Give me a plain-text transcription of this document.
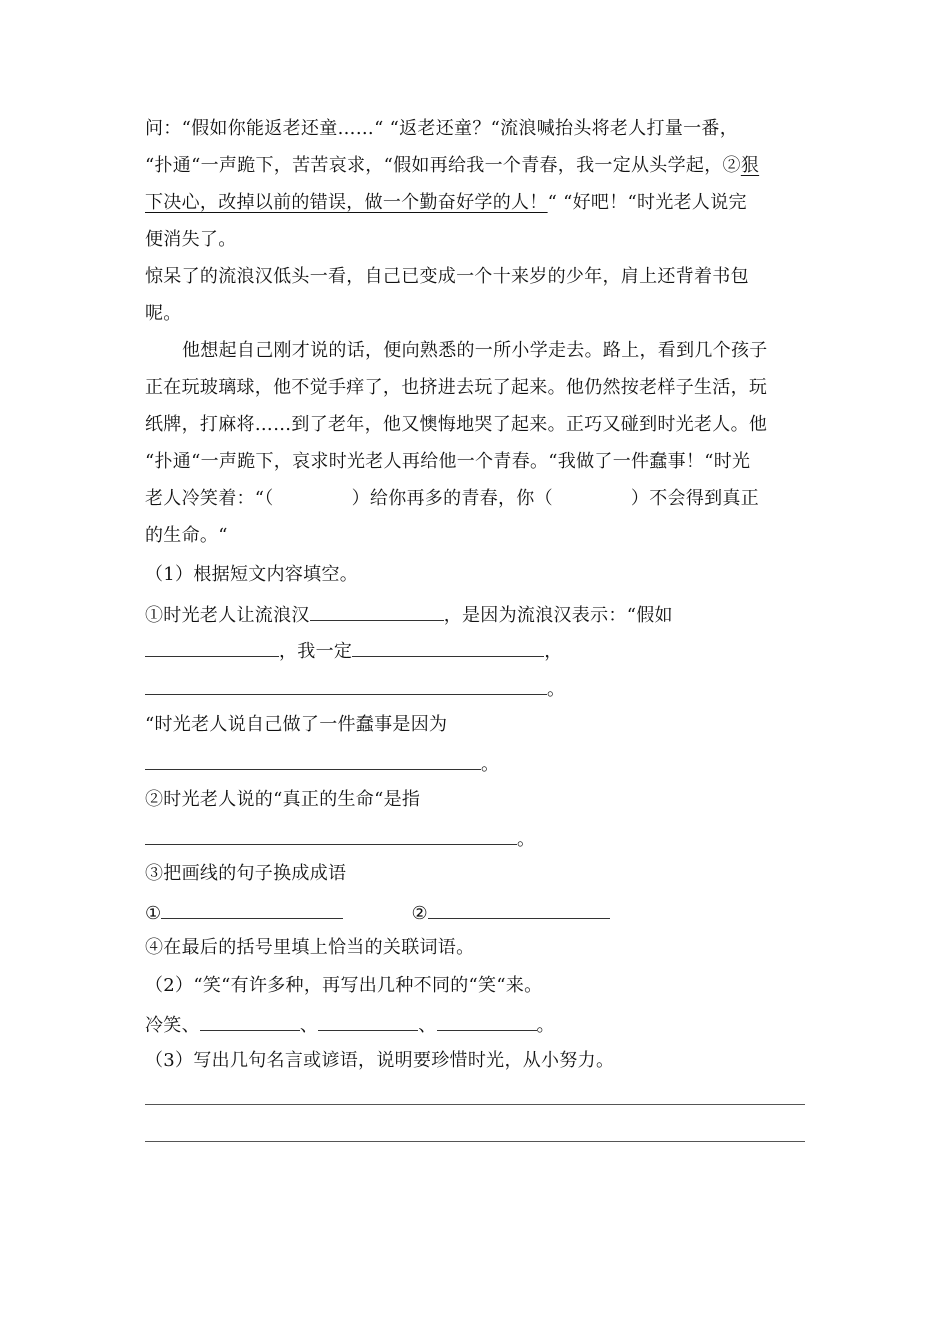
问：“假如你能返老还童……“ “返老还童？“流浪喊抬头将老人打量一番，
“扑通“一声跪下，苦苦哀求，“假如再给我一个青春，我一定从头学起，②狠
下决心，改掉以前的错误，做一个勤奋好学的人！“ “好吧！“时光老人说完
便消失了。
惊呆了的流浪汉低头一看，自己已变成一个十来岁的少年，肩上还背着书包
呢。
他想起自己刚才说的话，便向熟悉的一所小学走去。路上，看到几个孩子
正在玩玻璃球，他不觉手痒了，也挤进去玩了起来。他仍然按老样子生活，玩
纸牌，打麻将……到了老年，他又懊悔地哭了起来。正巧又碰到时光老人。他
“扑通“一声跪下，哀求时光老人再给他一个青春。“我做了一件蠢事！“时光
老人冷笑着：“（	）给你再多的青春，你（	）不会得到真正
的生命。“
（1）根据短文内容填空。
①时光老人让流浪汉	，是因为流浪汉表示：“假如
，我一定	，
。
“时光老人说自己做了一件蠢事是因为
。
②时光老人说的“真正的生命“是指
。
③把画线的句子换成成语
①	②
④在最后的括号里填上恰当的关联词语。
（2）“笑“有许多种，再写出几种不同的“笑“来。
冷笑、	、	、	。
（3）写出几句名言或谚语，说明要珍惜时光，从小努力。
